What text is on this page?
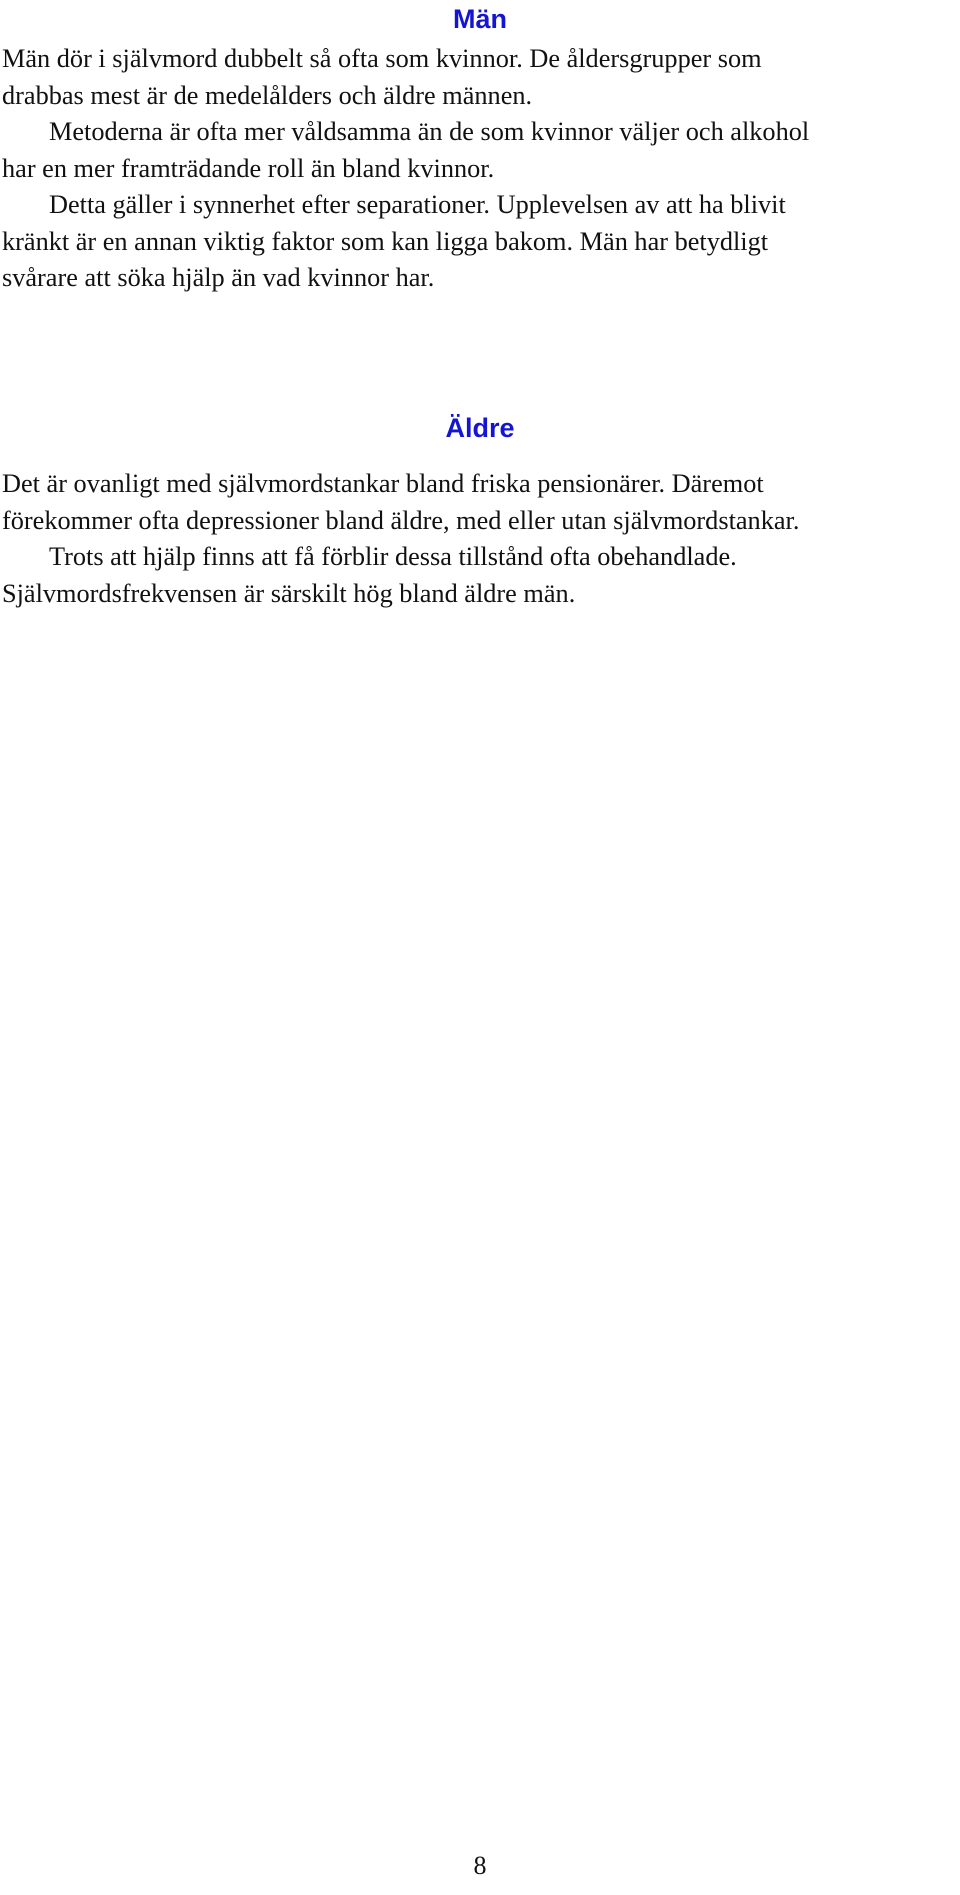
Män
Män dör i självmord dubbelt så ofta som kvinnor. De åldersgrupper som
drabbas mest är de medelålders och äldre männen.
Metoderna är ofta mer våldsamma än de som kvinnor väljer och alkohol
har en mer framträdande roll än bland kvinnor.
Detta gäller i synnerhet efter separationer. Upplevelsen av att ha blivit
kränkt är en annan viktig faktor som kan ligga bakom. Män har betydligt
svårare att söka hjälp än vad kvinnor har.
Äldre
Det är ovanligt med självmordstankar bland friska pensionärer. Däremot
förekommer ofta depressioner bland äldre, med eller utan självmordstankar.
Trots att hjälp finns att få förblir dessa tillstånd ofta obehandlade.
Självmordsfrekvensen är särskilt hög bland äldre män.
8
